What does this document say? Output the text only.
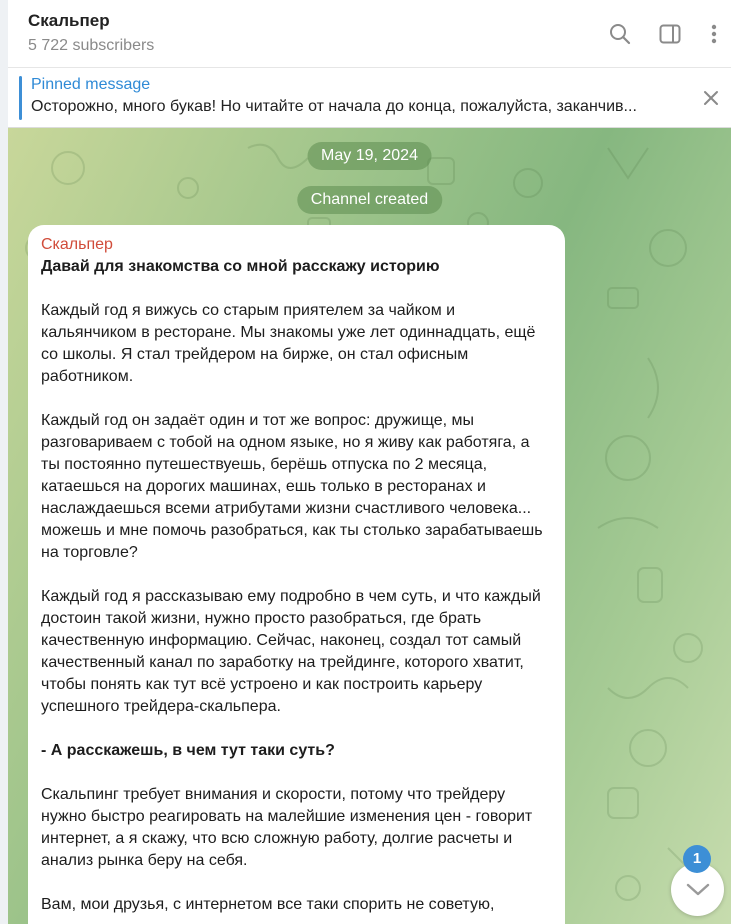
Скальпер
5 722 subscribers
Pinned message
Осторожно, много букав! Но читайте от начала до конца, пожалуйста, заканчив...
May 19, 2024
Channel created
Скальпер

Давай для знакомства со мной расскажу историю

Каждый год я вижусь со старым приятелем за чайком и кальянчиком в ресторане. Мы знакомы уже лет одиннадцать, ещё со школы. Я стал трейдером на бирже, он стал офисным работником.

Каждый год он задаёт один и тот же вопрос: дружище, мы разговариваем с тобой на одном языке, но я живу как работяга, а ты постоянно путешествуешь, берёшь отпуска по 2 месяца, катаешься на дорогих машинах, ешь только в ресторанах и наслаждаешься всеми атрибутами жизни счастливого человека... можешь и мне помочь разобраться, как ты столько зарабатываешь на торговле?

Каждый год я рассказываю ему подробно в чем суть, и что каждый достоин такой жизни, нужно просто разобраться, где брать качественную информацию. Сейчас, наконец, создал тот самый качественный канал по заработку на трейдинге, которого хватит, чтобы понять как тут всё устроено и как построить карьеру успешного трейдера-скальпера.

- А расскажешь, в чем тут таки суть?

Скальпинг требует внимания и скорости, потому что трейдеру нужно быстро реагировать на малейшие изменения цен - говорит интернет, а я скажу, что всю сложную работу, долгие расчеты и анализ рынка беру на себя.

Вам, мои друзья, с интернетом все таки спорить не советую,

1
